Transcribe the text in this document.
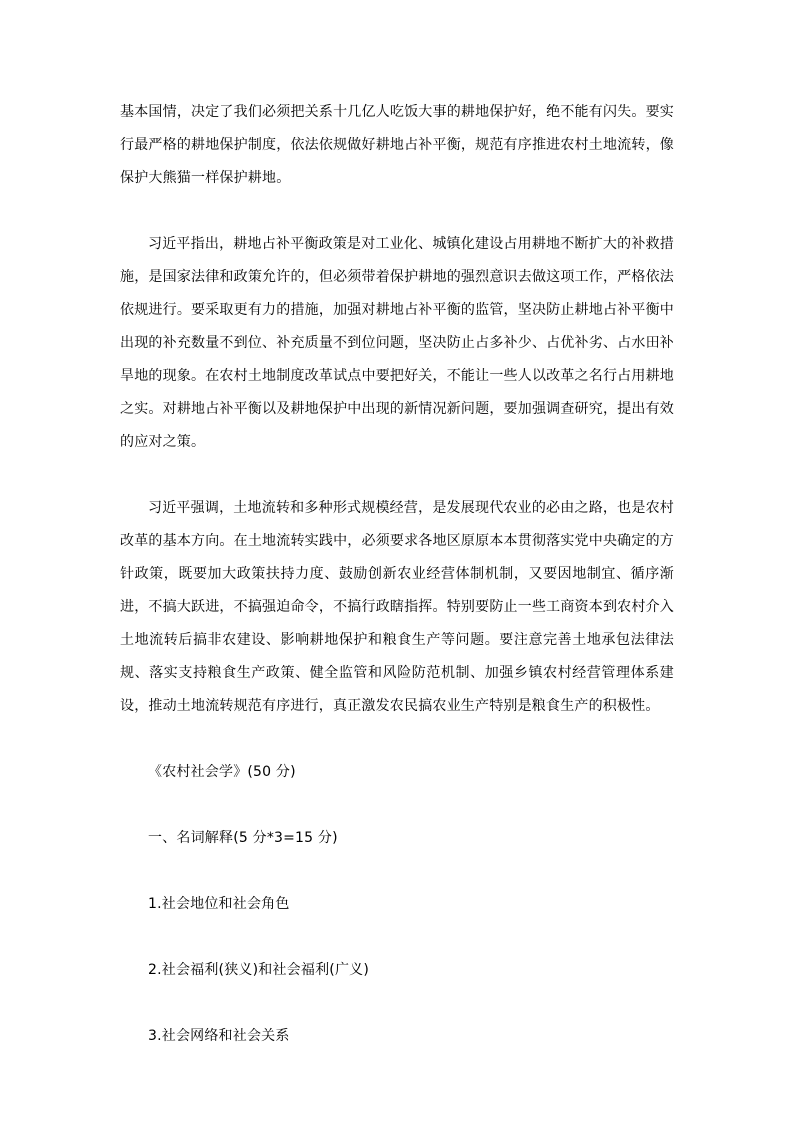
基本国情，决定了我们必须把关系十几亿人吃饭大事的耕地保护好，绝不能有闪失。要实行最严格的耕地保护制度，依法依规做好耕地占补平衡，规范有序推进农村土地流转，像保护大熊猫一样保护耕地。

习近平指出，耕地占补平衡政策是对工业化、城镇化建设占用耕地不断扩大的补救措施，是国家法律和政策允许的，但必须带着保护耕地的强烈意识去做这项工作，严格依法依规进行。要采取更有力的措施，加强对耕地占补平衡的监管，坚决防止耕地占补平衡中出现的补充数量不到位、补充质量不到位问题，坚决防止占多补少、占优补劣、占水田补旱地的现象。在农村土地制度改革试点中要把好关，不能让一些人以改革之名行占用耕地之实。对耕地占补平衡以及耕地保护中出现的新情况新问题，要加强调查研究，提出有效的应对之策。

习近平强调，土地流转和多种形式规模经营，是发展现代农业的必由之路，也是农村改革的基本方向。在土地流转实践中，必须要求各地区原原本本贯彻落实党中央确定的方针政策，既要加大政策扶持力度、鼓励创新农业经营体制机制，又要因地制宜、循序渐进，不搞大跃进，不搞强迫命令，不搞行政瞎指挥。特别要防止一些工商资本到农村介入土地流转后搞非农建设、影响耕地保护和粮食生产等问题。要注意完善土地承包法律法规、落实支持粮食生产政策、健全监管和风险防范机制、加强乡镇农村经营管理体系建设，推动土地流转规范有序进行，真正激发农民搞农业生产特别是粮食生产的积极性。

《农村社会学》(50 分)

一、名词解释(5 分*3=15 分)

1.社会地位和社会角色

2.社会福利(狭义)和社会福利(广义)

3.社会网络和社会关系
